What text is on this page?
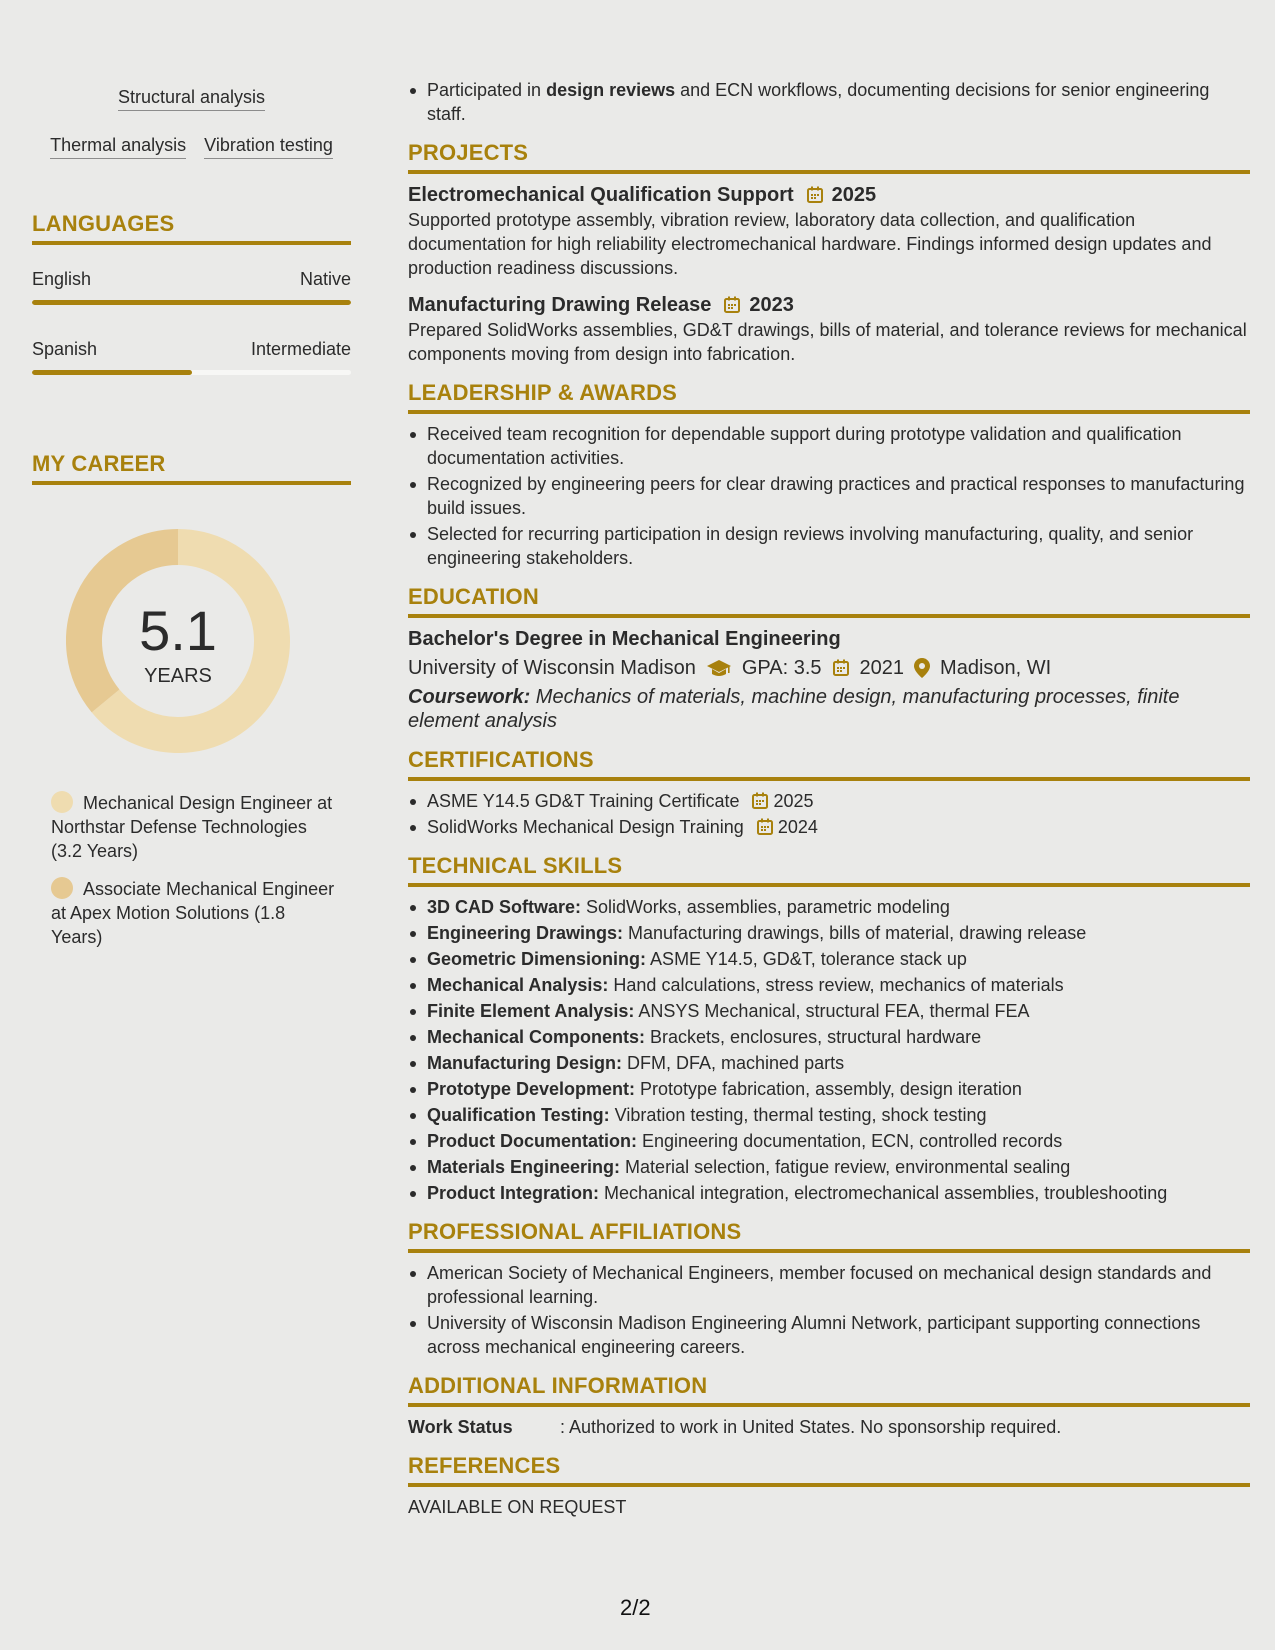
Structural analysis
Thermal analysis Vibration testing
LANGUAGES
English	Native
Spanish	Intermediate
MY CAREER
5.1
YEARS
Mechanical Design Engineer at Northstar Defense Technologies (3.2 Years)
Associate Mechanical Engineer at Apex Motion Solutions (1.8 Years)
Participated in design reviews and ECN workflows, documenting decisions for senior engineering staff.
PROJECTS
Electromechanical Qualification Support 2025
Supported prototype assembly, vibration review, laboratory data collection, and qualification documentation for high reliability electromechanical hardware. Findings informed design updates and production readiness discussions.
Manufacturing Drawing Release 2023
Prepared SolidWorks assemblies, GD&T drawings, bills of material, and tolerance reviews for mechanical components moving from design into fabrication.
LEADERSHIP & AWARDS
Received team recognition for dependable support during prototype validation and qualification documentation activities.
Recognized by engineering peers for clear drawing practices and practical responses to manufacturing build issues.
Selected for recurring participation in design reviews involving manufacturing, quality, and senior engineering stakeholders.
EDUCATION
Bachelor's Degree in Mechanical Engineering
University of Wisconsin Madison GPA: 3.5 2021 Madison, WI
Coursework: Mechanics of materials, machine design, manufacturing processes, finite element analysis
CERTIFICATIONS
ASME Y14.5 GD&T Training Certificate 2025
SolidWorks Mechanical Design Training 2024
TECHNICAL SKILLS
3D CAD Software: SolidWorks, assemblies, parametric modeling
Engineering Drawings: Manufacturing drawings, bills of material, drawing release
Geometric Dimensioning: ASME Y14.5, GD&T, tolerance stack up
Mechanical Analysis: Hand calculations, stress review, mechanics of materials
Finite Element Analysis: ANSYS Mechanical, structural FEA, thermal FEA
Mechanical Components: Brackets, enclosures, structural hardware
Manufacturing Design: DFM, DFA, machined parts
Prototype Development: Prototype fabrication, assembly, design iteration
Qualification Testing: Vibration testing, thermal testing, shock testing
Product Documentation: Engineering documentation, ECN, controlled records
Materials Engineering: Material selection, fatigue review, environmental sealing
Product Integration: Mechanical integration, electromechanical assemblies, troubleshooting
PROFESSIONAL AFFILIATIONS
American Society of Mechanical Engineers, member focused on mechanical design standards and professional learning.
University of Wisconsin Madison Engineering Alumni Network, participant supporting connections across mechanical engineering careers.
ADDITIONAL INFORMATION
Work Status	: Authorized to work in United States. No sponsorship required.
REFERENCES
AVAILABLE ON REQUEST
2/2
